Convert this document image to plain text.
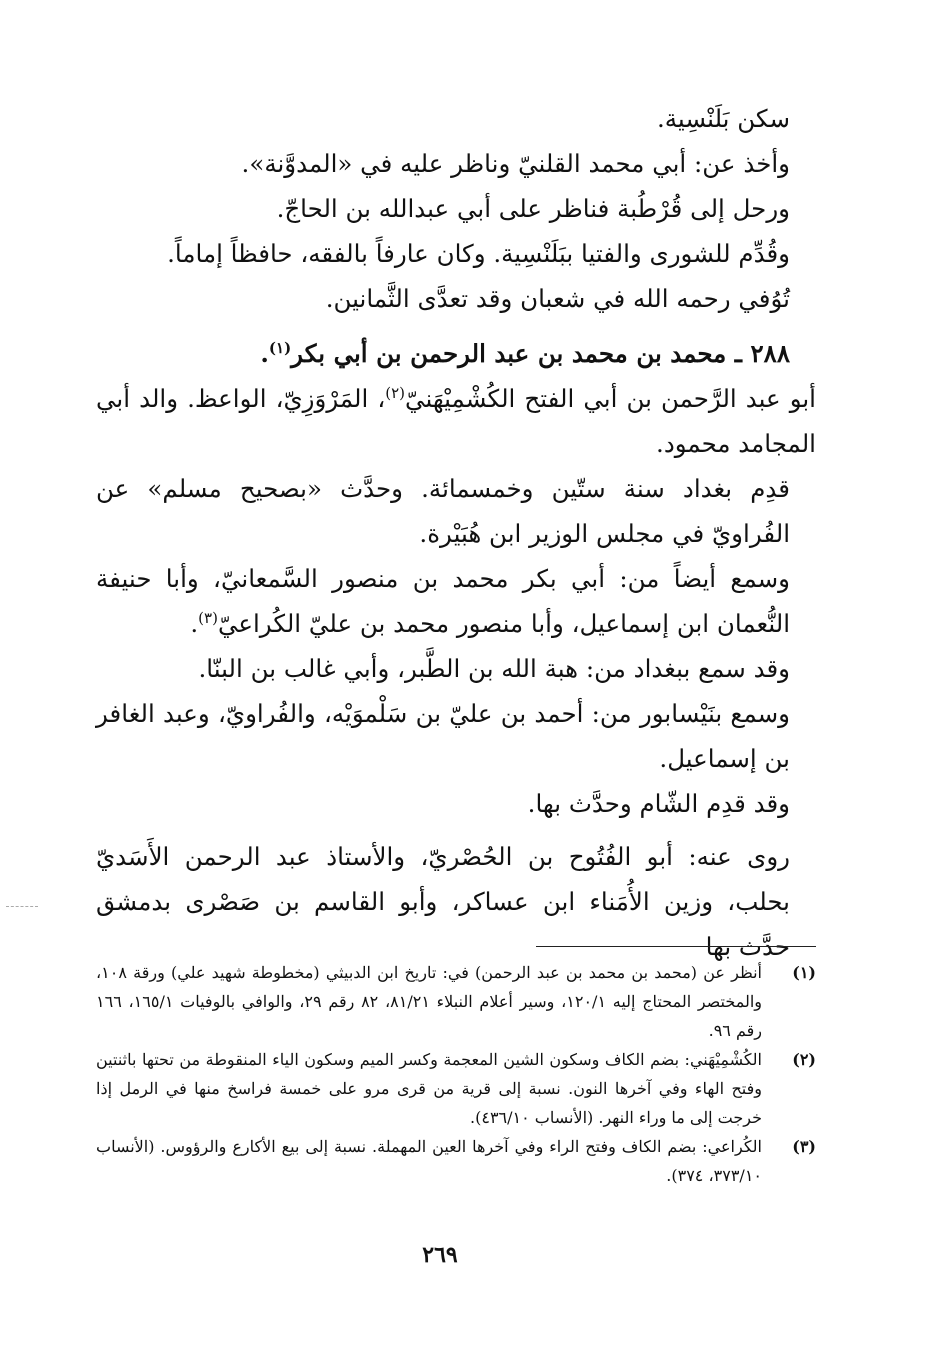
سكن بَلَنْسِية.

وأخذ عن: أبي محمد القلنيّ وناظر عليه في «المدوَّنة».

ورحل إلى قُرْطُبة فناظر على أبي عبدالله بن الحاجّ.

وقُدِّم للشورى والفتيا ببَلَنْسِية. وكان عارفاً بالفقه، حافظاً إماماً.

تُوُفي رحمه الله في شعبان وقد تعدَّى الثَّمانين.

٢٨٨ ـ محمد بن محمد بن عبد الرحمن بن أبي بكر$^{(١)}$.

أبو عبد الرَّحمن بن أبي الفتح الكُشْمِيْهَنيّ$^{(٢)}$، المَرْوَزِيّ، الواعظ. والد أبي المجامد محمود.

قدِم بغداد سنة ستّين وخمسمائة. وحدَّث «بصحيح مسلم» عن الفُراويّ في مجلس الوزير ابن هُبَيْرة.

وسمع أيضاً من: أبي بكر محمد بن منصور السَّمعانيّ، وأبا حنيفة النُّعمان ابن إسماعيل، وأبا منصور محمد بن عليّ الكُراعيّ$^{(٣)}$.

وقد سمع ببغداد من: هبة الله بن الطَّبر، وأبي غالب بن البنّا.

وسمع بنَيْسابور من: أحمد بن عليّ بن سَلْموَيْه، والفُراويّ، وعبد الغافر بن إسماعيل.

وقد قدِم الشّام وحدَّث بها.

روى عنه: أبو الفُتُوح بن الحُصْريّ، والأستاذ عبد الرحمن الأَسَديّ بحلب، وزين الأُمَناء ابن عساكر، وأبو القاسم بن صَصْرى بدمشق حدَّث بها

(١)
أنظر عن (محمد بن محمد بن عبد الرحمن) في: تاريخ ابن الدبيثي (مخطوطة شهيد علي) ورقة ١٠٨، والمختصر المحتاج إليه ١٢٠/١، وسير أعلام النبلاء ٨١/٢١، ٨٢ رقم ٢٩، والوافي بالوفيات ١٦٥/١، ١٦٦ رقم ٩٦.
(٢)
الكُشْمِيْهَني: بضم الكاف وسكون الشين المعجمة وكسر الميم وسكون الياء المنقوطة من تحتها باثنتين وفتح الهاء وفي آخرها النون. نسبة إلى قرية من قرى مرو على خمسة فراسخ منها في الرمل إذا خرجت إلى ما وراء النهر. (الأنساب ٤٣٦/١٠).
(٣)
الكُراعي: بضم الكاف وفتح الراء وفي آخرها العين المهملة. نسبة إلى بيع الأكارع والرؤوس. (الأنساب ٣٧٣/١٠، ٣٧٤).
٢٦٩
